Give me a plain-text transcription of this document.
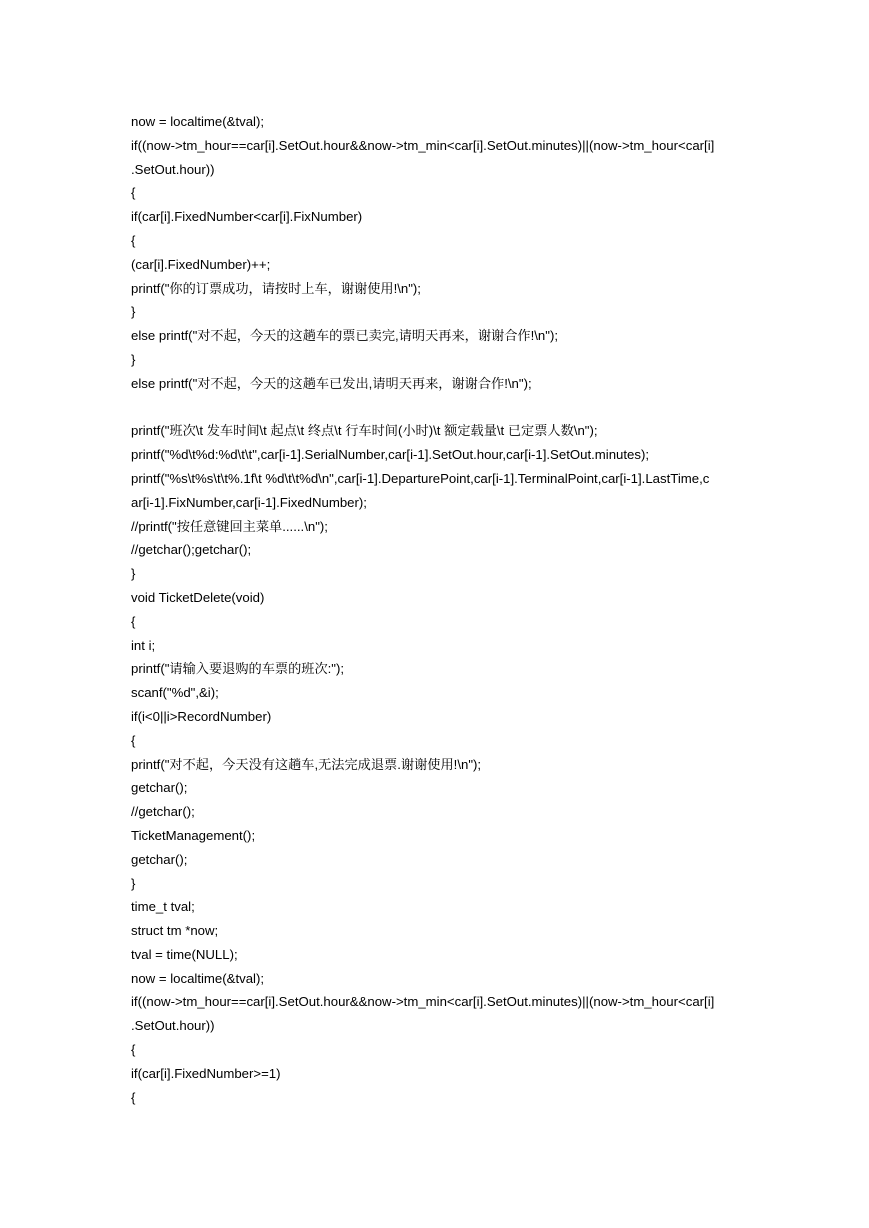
now = localtime(&tval);
if((now->tm_hour==car[i].SetOut.hour&&now->tm_min<car[i].SetOut.minutes)||(now->tm_hour<car[i]
.SetOut.hour))
{
if(car[i].FixedNumber<car[i].FixNumber)
{
(car[i].FixedNumber)++;
printf("你的订票成功，请按时上车，谢谢使用!\n");
}
else printf("对不起，今天的这趟车的票已卖完,请明天再来，谢谢合作!\n");
}
else printf("对不起，今天的这趟车已发出,请明天再来，谢谢合作!\n");
printf("班次\t 发车时间\t 起点\t 终点\t 行车时间(小时)\t 额定载量\t 已定票人数\n");
printf("%d\t%d:%d\t\t",car[i-1].SerialNumber,car[i-1].SetOut.hour,car[i-1].SetOut.minutes);
printf("%s\t%s\t\t%.1f\t %d\t\t%d\n",car[i-1].DeparturePoint,car[i-1].TerminalPoint,car[i-1].LastTime,c
ar[i-1].FixNumber,car[i-1].FixedNumber);
//printf("按任意键回主菜单......\n");
//getchar();getchar();
}
void TicketDelete(void)
{
int i;
printf("请输入要退购的车票的班次:");
scanf("%d",&i);
if(i<0||i>RecordNumber)
{
printf("对不起，今天没有这趟车,无法完成退票.谢谢使用!\n");
getchar();
//getchar();
TicketManagement();
getchar();
}
time_t tval;
struct tm *now;
tval = time(NULL);
now = localtime(&tval);
if((now->tm_hour==car[i].SetOut.hour&&now->tm_min<car[i].SetOut.minutes)||(now->tm_hour<car[i]
.SetOut.hour))
{
if(car[i].FixedNumber>=1)
{
